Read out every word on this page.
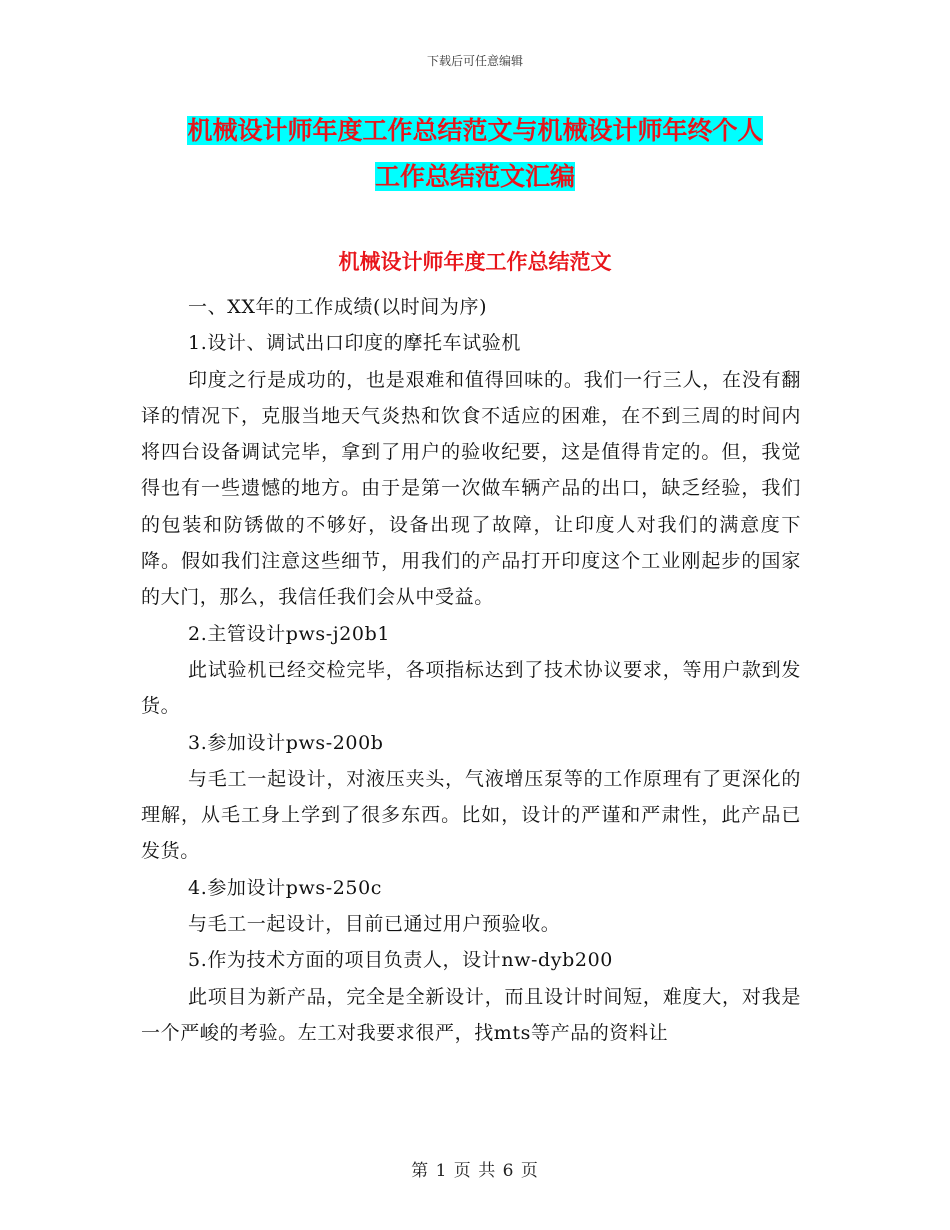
下载后可任意编辑
机械设计师年度工作总结范文与机械设计师年终个人
工作总结范文汇编
机械设计师年度工作总结范文

一、XX年的工作成绩(以时间为序)

1.设计、调试出口印度的摩托车试验机

印度之行是成功的，也是艰难和值得回味的。我们一行三人，在没有翻译的情况下，克服当地天气炎热和饮食不适应的困难，在不到三周的时间内将四台设备调试完毕，拿到了用户的验收纪要，这是值得肯定的。但，我觉得也有一些遗憾的地方。由于是第一次做车辆产品的出口，缺乏经验，我们的包装和防锈做的不够好，设备出现了故障，让印度人对我们的满意度下降。假如我们注意这些细节，用我们的产品打开印度这个工业刚起步的国家的大门，那么，我信任我们会从中受益。

2.主管设计pws-j20b1

此试验机已经交检完毕，各项指标达到了技术协议要求，等用户款到发货。

3.参加设计pws-200b

与毛工一起设计，对液压夹头，气液增压泵等的工作原理有了更深化的理解，从毛工身上学到了很多东西。比如，设计的严谨和严肃性，此产品已发货。

4.参加设计pws-250c

与毛工一起设计，目前已通过用户预验收。

5.作为技术方面的项目负责人，设计nw-dyb200

此项目为新产品，完全是全新设计，而且设计时间短，难度大，对我是一个严峻的考验。左工对我要求很严，找mts等产品的资料让

第 1 页 共 6 页
